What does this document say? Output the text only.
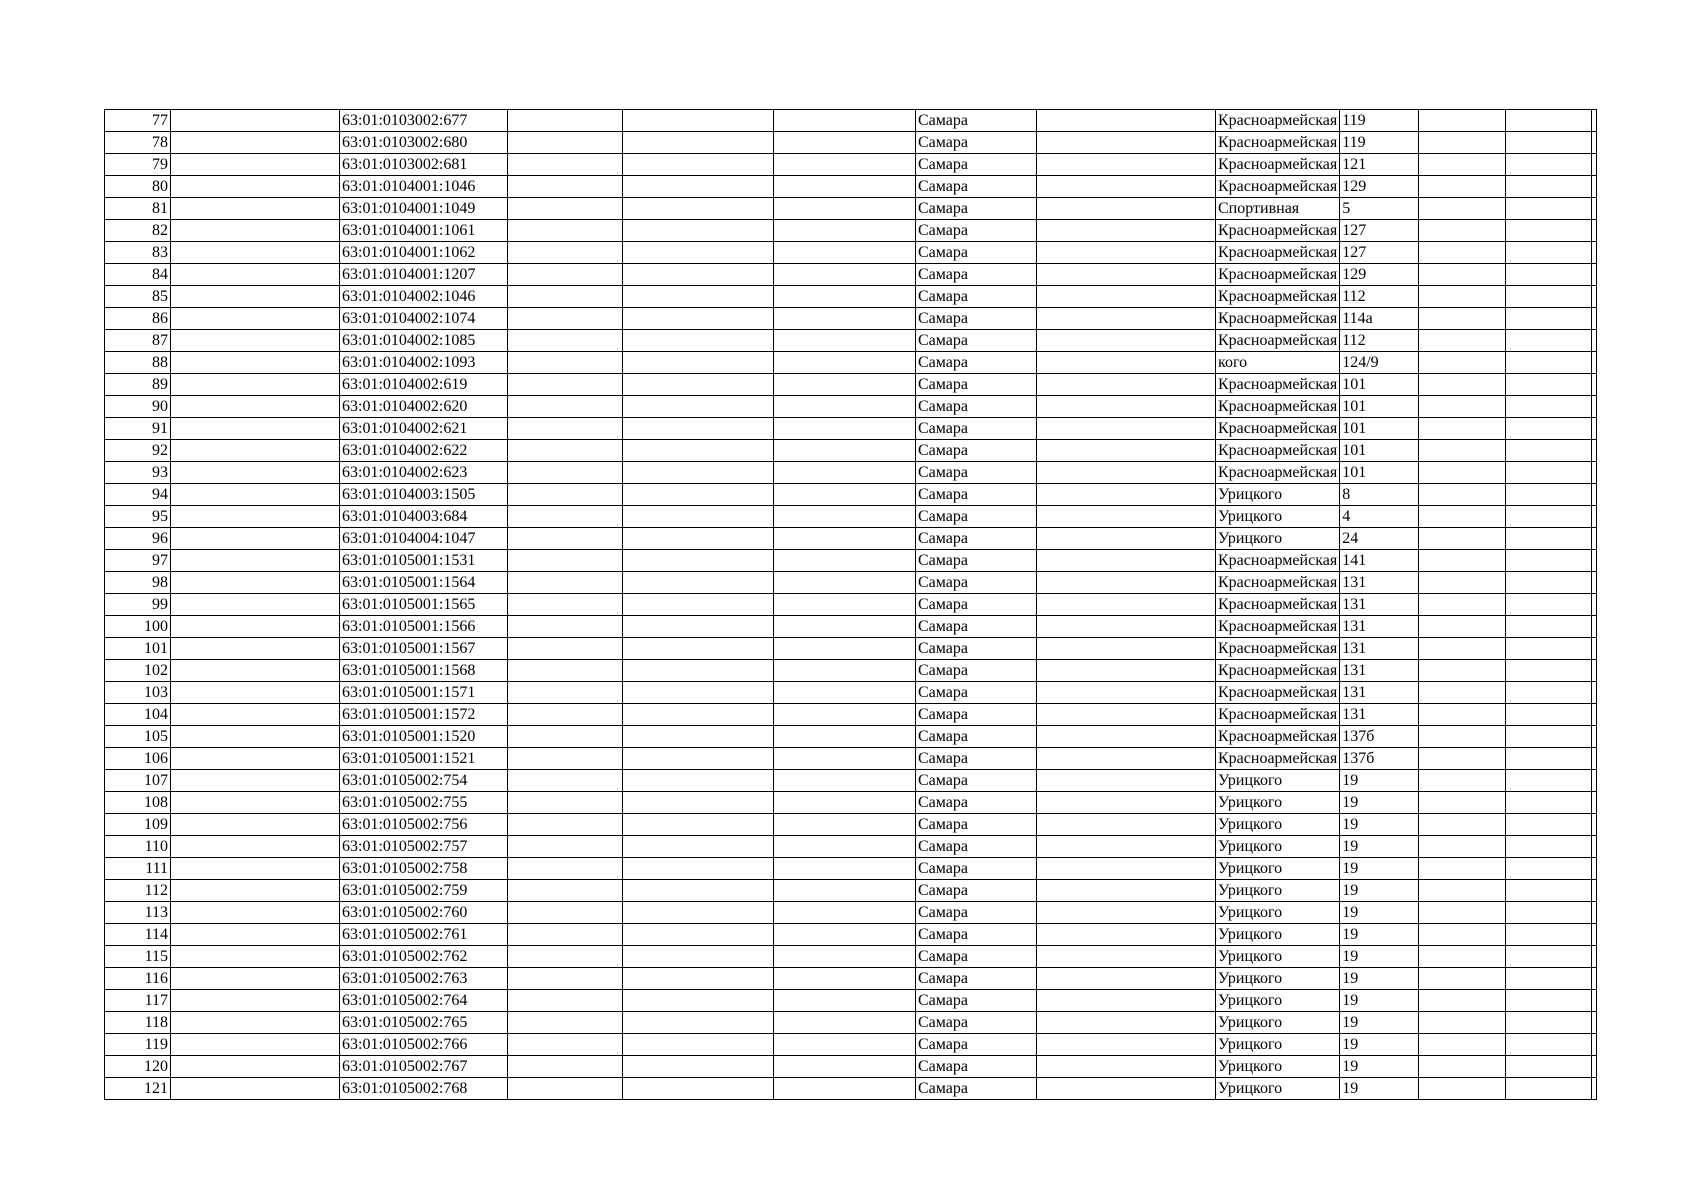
77		63:01:0103002:677				Самара		Красноармейская	119			
78		63:01:0103002:680				Самара		Красноармейская	119			
79		63:01:0103002:681				Самара		Красноармейская	121			
80		63:01:0104001:1046				Самара		Красноармейская	129			
81		63:01:0104001:1049				Самара		Спортивная	5			
82		63:01:0104001:1061				Самара		Красноармейская	127			
83		63:01:0104001:1062				Самара		Красноармейская	127			
84		63:01:0104001:1207				Самара		Красноармейская	129			
85		63:01:0104002:1046				Самара		Красноармейская	112			
86		63:01:0104002:1074				Самара		Красноармейская	114а			
87		63:01:0104002:1085				Самара		Красноармейская	112			
88		63:01:0104002:1093				Самара		кого	124/9			
89		63:01:0104002:619				Самара		Красноармейская	101			
90		63:01:0104002:620				Самара		Красноармейская	101			
91		63:01:0104002:621				Самара		Красноармейская	101			
92		63:01:0104002:622				Самара		Красноармейская	101			
93		63:01:0104002:623				Самара		Красноармейская	101			
94		63:01:0104003:1505				Самара		Урицкого	8			
95		63:01:0104003:684				Самара		Урицкого	4			
96		63:01:0104004:1047				Самара		Урицкого	24			
97		63:01:0105001:1531				Самара		Красноармейская	141			
98		63:01:0105001:1564				Самара		Красноармейская	131			
99		63:01:0105001:1565				Самара		Красноармейская	131			
100		63:01:0105001:1566				Самара		Красноармейская	131			
101		63:01:0105001:1567				Самара		Красноармейская	131			
102		63:01:0105001:1568				Самара		Красноармейская	131			
103		63:01:0105001:1571				Самара		Красноармейская	131			
104		63:01:0105001:1572				Самара		Красноармейская	131			
105		63:01:0105001:1520				Самара		Красноармейская	137б			
106		63:01:0105001:1521				Самара		Красноармейская	137б			
107		63:01:0105002:754				Самара		Урицкого	19			
108		63:01:0105002:755				Самара		Урицкого	19			
109		63:01:0105002:756				Самара		Урицкого	19			
110		63:01:0105002:757				Самара		Урицкого	19			
111		63:01:0105002:758				Самара		Урицкого	19			
112		63:01:0105002:759				Самара		Урицкого	19			
113		63:01:0105002:760				Самара		Урицкого	19			
114		63:01:0105002:761				Самара		Урицкого	19			
115		63:01:0105002:762				Самара		Урицкого	19			
116		63:01:0105002:763				Самара		Урицкого	19			
117		63:01:0105002:764				Самара		Урицкого	19			
118		63:01:0105002:765				Самара		Урицкого	19			
119		63:01:0105002:766				Самара		Урицкого	19			
120		63:01:0105002:767				Самара		Урицкого	19			
121		63:01:0105002:768				Самара		Урицкого	19			
